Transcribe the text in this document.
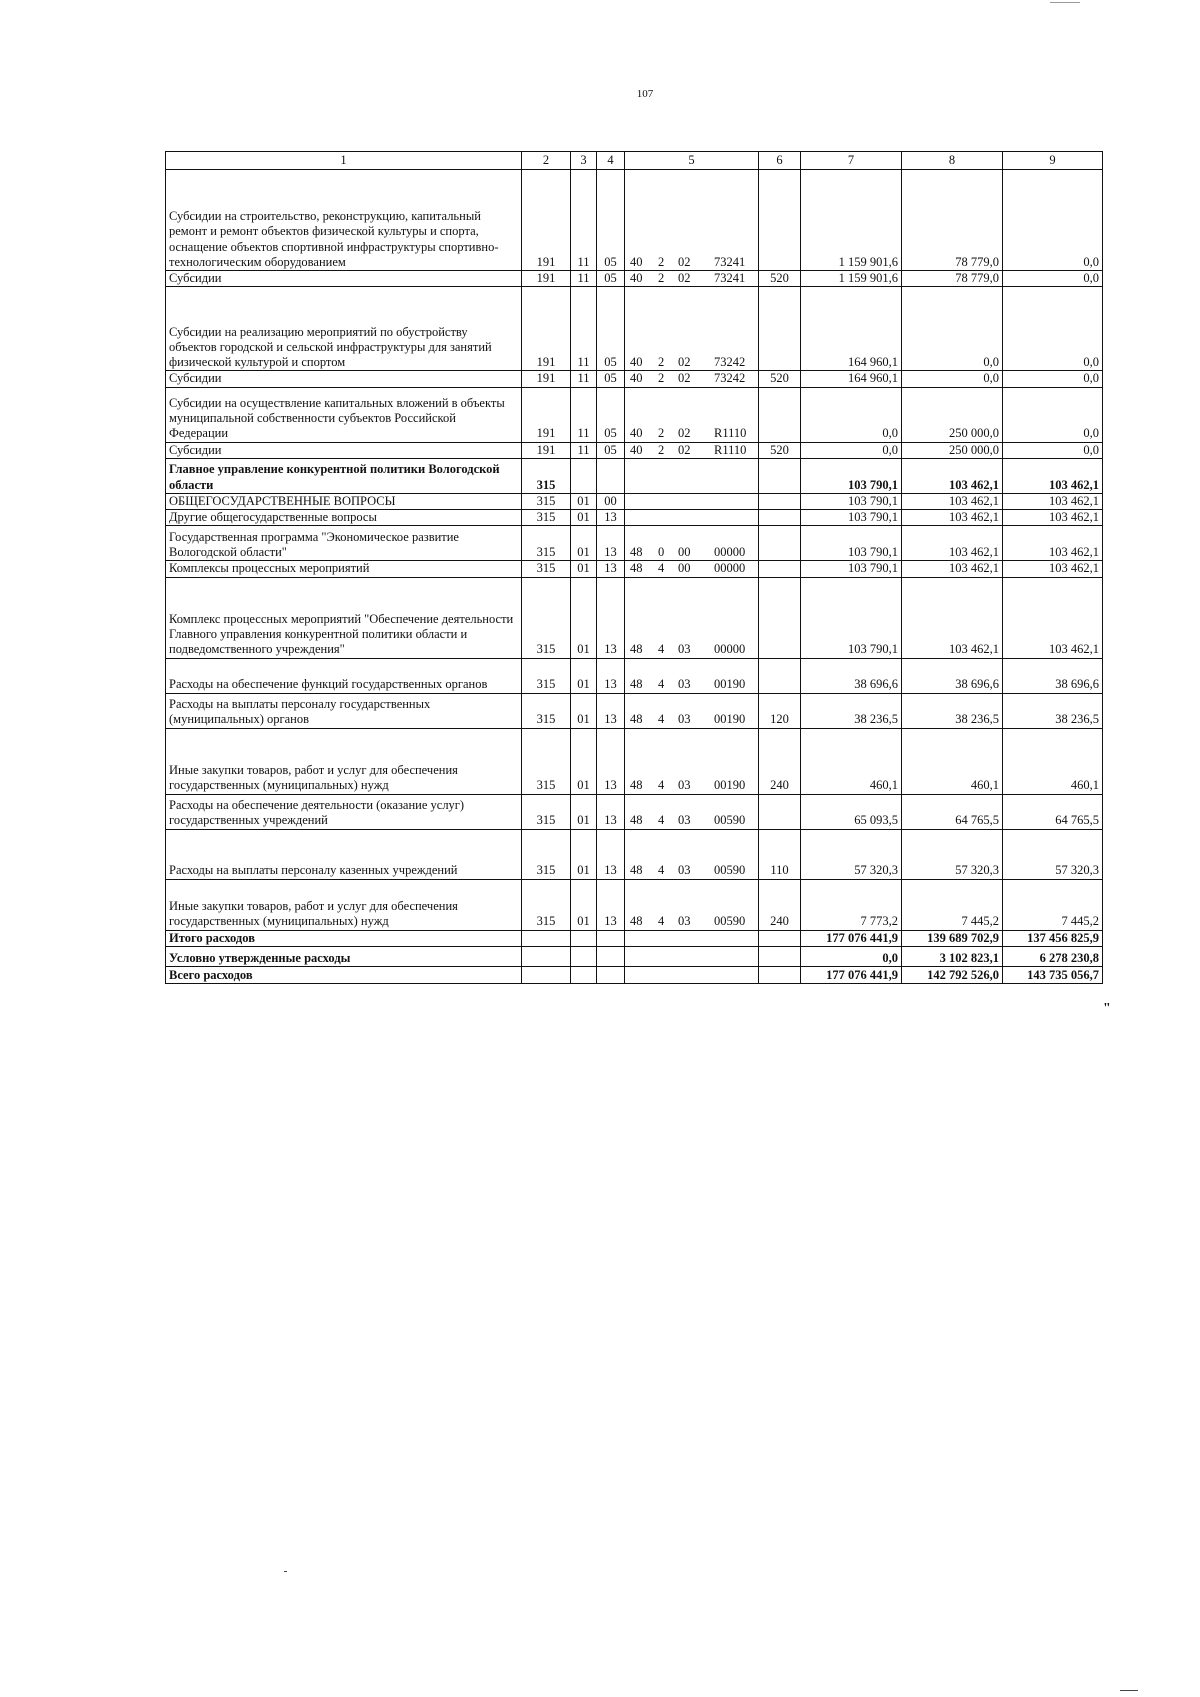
107
1	2	3	4	5	6	7	8	9
Субсидии на строительство, реконструкцию, капитальный ремонт и ремонт объектов физической культуры и спорта, оснащение объектов спортивной инфраструктуры спортивно-технологическим оборудованием	191	11	05	40 2 02 73241		1 159 901,6	78 779,0	0,0
Субсидии	191	11	05	40 2 02 73241	520	1 159 901,6	78 779,0	0,0
Субсидии на реализацию мероприятий по обустройству объектов городской и сельской инфраструктуры для занятий физической культурой и спортом	191	11	05	40 2 02 73242		164 960,1	0,0	0,0
Субсидии	191	11	05	40 2 02 73242	520	164 960,1	0,0	0,0
Субсидии на осуществление капитальных вложений в объекты муниципальной собственности субъектов Российской Федерации	191	11	05	40 2 02 R1110		0,0	250 000,0	0,0
Субсидии	191	11	05	40 2 02 R1110	520	0,0	250 000,0	0,0
Главное управление конкурентной политики Вологодской области	315					103 790,1	103 462,1	103 462,1
ОБЩЕГОСУДАРСТВЕННЫЕ ВОПРОСЫ	315	01	00			103 790,1	103 462,1	103 462,1
Другие общегосударственные вопросы	315	01	13			103 790,1	103 462,1	103 462,1
Государственная программа "Экономическое развитие Вологодской области"	315	01	13	48 0 00 00000		103 790,1	103 462,1	103 462,1
Комплексы процессных мероприятий	315	01	13	48 4 00 00000		103 790,1	103 462,1	103 462,1
Комплекс процессных мероприятий "Обеспечение деятельности Главного управления конкурентной политики области и подведомственного учреждения"	315	01	13	48 4 03 00000		103 790,1	103 462,1	103 462,1
Расходы на обеспечение функций государственных органов	315	01	13	48 4 03 00190		38 696,6	38 696,6	38 696,6
Расходы на выплаты персоналу государственных (муниципальных) органов	315	01	13	48 4 03 00190	120	38 236,5	38 236,5	38 236,5
Иные закупки товаров, работ и услуг для обеспечения государственных (муниципальных) нужд	315	01	13	48 4 03 00190	240	460,1	460,1	460,1
Расходы на обеспечение деятельности (оказание услуг) государственных учреждений	315	01	13	48 4 03 00590		65 093,5	64 765,5	64 765,5
Расходы на выплаты персоналу казенных учреждений	315	01	13	48 4 03 00590	110	57 320,3	57 320,3	57 320,3
Иные закупки товаров, работ и услуг для обеспечения государственных (муниципальных) нужд	315	01	13	48 4 03 00590	240	7 773,2	7 445,2	7 445,2
Итого расходов						177 076 441,9	139 689 702,9	137 456 825,9
Условно утвержденные расходы						0,0	3 102 823,1	6 278 230,8
Всего расходов						177 076 441,9	142 792 526,0	143 735 056,7
"
